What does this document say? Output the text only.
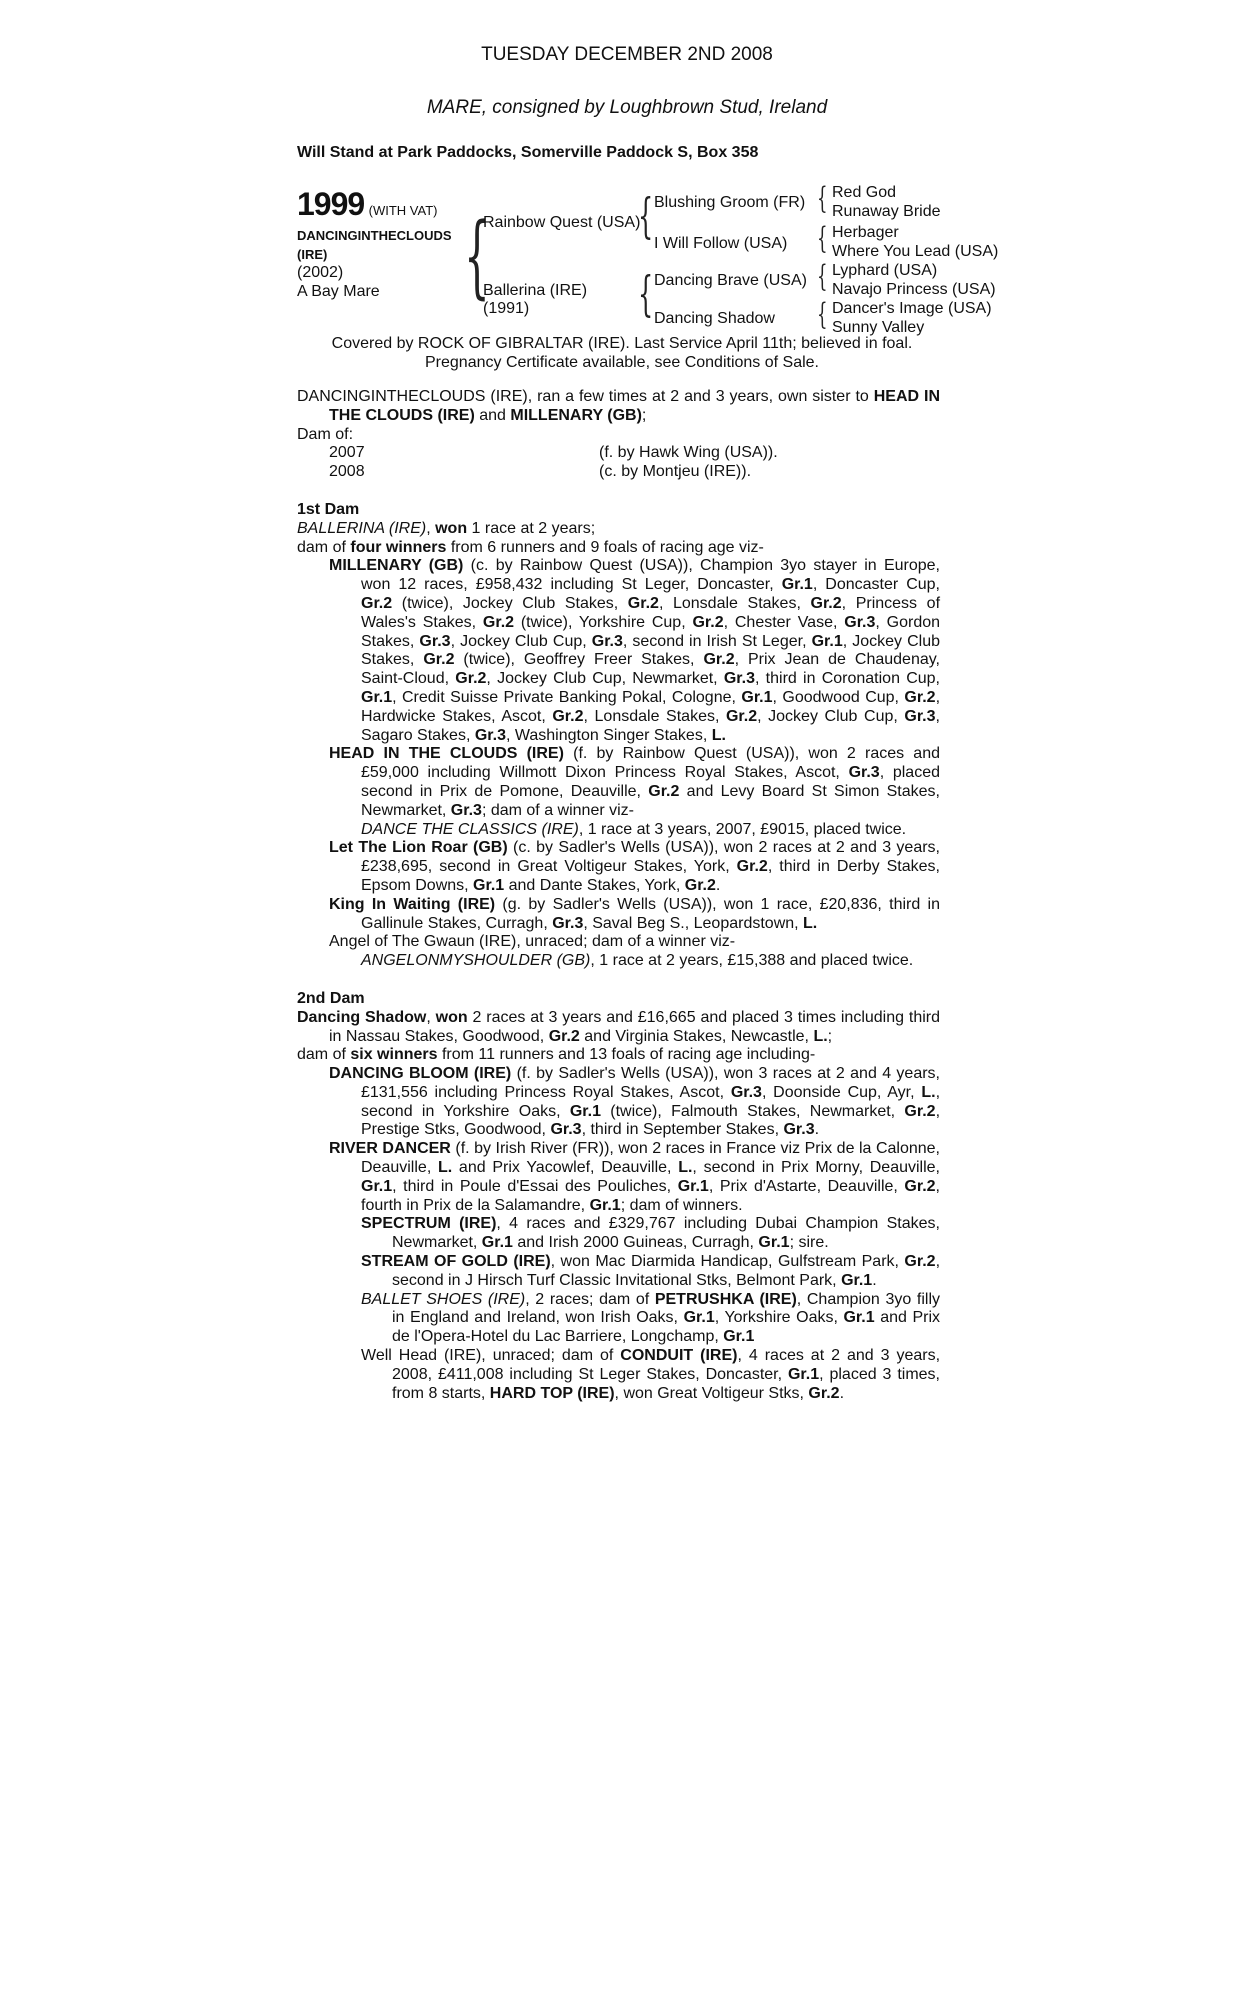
TUESDAY DECEMBER 2ND 2008
MARE, consigned by Loughbrown Stud, Ireland
Will Stand at Park Paddocks, Somerville Paddock S, Box 358
1999 (WITH VAT)
DANCINGINTHECLOUDS
(IRE)
(2002)
A Bay Mare {
Rainbow Quest (USA)
Ballerina (IRE)
(1991)
{ Blushing Groom (FR)
I Will Follow (USA)
{ Dancing Brave (USA)
Dancing Shadow
{ Red God
Runaway Bride
{ Herbager
Where You Lead (USA)
{ Lyphard (USA)
Navajo Princess (USA)
{ Dancer's Image (USA)
Sunny Valley
Covered by ROCK OF GIBRALTAR (IRE). Last Service April 11th; believed in foal.
Pregnancy Certificate available, see Conditions of Sale.

DANCINGINTHECLOUDS (IRE), ran a few times at 2 and 3 years, own sister to HEAD IN THE CLOUDS (IRE) and MILLENARY (GB);

Dam of:

2007	(f. by Hawk Wing (USA)).
2008	(c. by Montjeu (IRE)).

1st Dam

BALLERINA (IRE), won 1 race at 2 years;

dam of four winners from 6 runners and 9 foals of racing age viz-

MILLENARY (GB) (c. by Rainbow Quest (USA)), Champion 3yo stayer in Europe, won 12 races, £958,432 including St Leger, Doncaster, Gr.1, Doncaster Cup, Gr.2 (twice), Jockey Club Stakes, Gr.2, Lonsdale Stakes, Gr.2, Princess of Wales's Stakes, Gr.2 (twice), Yorkshire Cup, Gr.2, Chester Vase, Gr.3, Gordon Stakes, Gr.3, Jockey Club Cup, Gr.3, second in Irish St Leger, Gr.1, Jockey Club Stakes, Gr.2 (twice), Geoffrey Freer Stakes, Gr.2, Prix Jean de Chaudenay, Saint-Cloud, Gr.2, Jockey Club Cup, Newmarket, Gr.3, third in Coronation Cup, Gr.1, Credit Suisse Private Banking Pokal, Cologne, Gr.1, Goodwood Cup, Gr.2, Hardwicke Stakes, Ascot, Gr.2, Lonsdale Stakes, Gr.2, Jockey Club Cup, Gr.3, Sagaro Stakes, Gr.3, Washington Singer Stakes, L.

HEAD IN THE CLOUDS (IRE) (f. by Rainbow Quest (USA)), won 2 races and £59,000 including Willmott Dixon Princess Royal Stakes, Ascot, Gr.3, placed second in Prix de Pomone, Deauville, Gr.2 and Levy Board St Simon Stakes, Newmarket, Gr.3; dam of a winner viz-

DANCE THE CLASSICS (IRE), 1 race at 3 years, 2007, £9015, placed twice.

Let The Lion Roar (GB) (c. by Sadler's Wells (USA)), won 2 races at 2 and 3 years, £238,695, second in Great Voltigeur Stakes, York, Gr.2, third in Derby Stakes, Epsom Downs, Gr.1 and Dante Stakes, York, Gr.2.

King In Waiting (IRE) (g. by Sadler's Wells (USA)), won 1 race, £20,836, third in Gallinule Stakes, Curragh, Gr.3, Saval Beg S., Leopardstown, L.

Angel of The Gwaun (IRE), unraced; dam of a winner viz-

ANGELONMYSHOULDER (GB), 1 race at 2 years, £15,388 and placed twice.

2nd Dam

Dancing Shadow, won 2 races at 3 years and £16,665 and placed 3 times including third in Nassau Stakes, Goodwood, Gr.2 and Virginia Stakes, Newcastle, L.;

dam of six winners from 11 runners and 13 foals of racing age including-

DANCING BLOOM (IRE) (f. by Sadler's Wells (USA)), won 3 races at 2 and 4 years, £131,556 including Princess Royal Stakes, Ascot, Gr.3, Doonside Cup, Ayr, L., second in Yorkshire Oaks, Gr.1 (twice), Falmouth Stakes, Newmarket, Gr.2, Prestige Stks, Goodwood, Gr.3, third in September Stakes, Gr.3.

RIVER DANCER (f. by Irish River (FR)), won 2 races in France viz Prix de la Calonne, Deauville, L. and Prix Yacowlef, Deauville, L., second in Prix Morny, Deauville, Gr.1, third in Poule d'Essai des Pouliches, Gr.1, Prix d'Astarte, Deauville, Gr.2, fourth in Prix de la Salamandre, Gr.1; dam of winners.

SPECTRUM (IRE), 4 races and £329,767 including Dubai Champion Stakes, Newmarket, Gr.1 and Irish 2000 Guineas, Curragh, Gr.1; sire.

STREAM OF GOLD (IRE), won Mac Diarmida Handicap, Gulfstream Park, Gr.2, second in J Hirsch Turf Classic Invitational Stks, Belmont Park, Gr.1.

BALLET SHOES (IRE), 2 races; dam of PETRUSHKA (IRE), Champion 3yo filly in England and Ireland, won Irish Oaks, Gr.1, Yorkshire Oaks, Gr.1 and Prix de l'Opera-Hotel du Lac Barriere, Longchamp, Gr.1

Well Head (IRE), unraced; dam of CONDUIT (IRE), 4 races at 2 and 3 years, 2008, £411,008 including St Leger Stakes, Doncaster, Gr.1, placed 3 times, from 8 starts, HARD TOP (IRE), won Great Voltigeur Stks, Gr.2.
